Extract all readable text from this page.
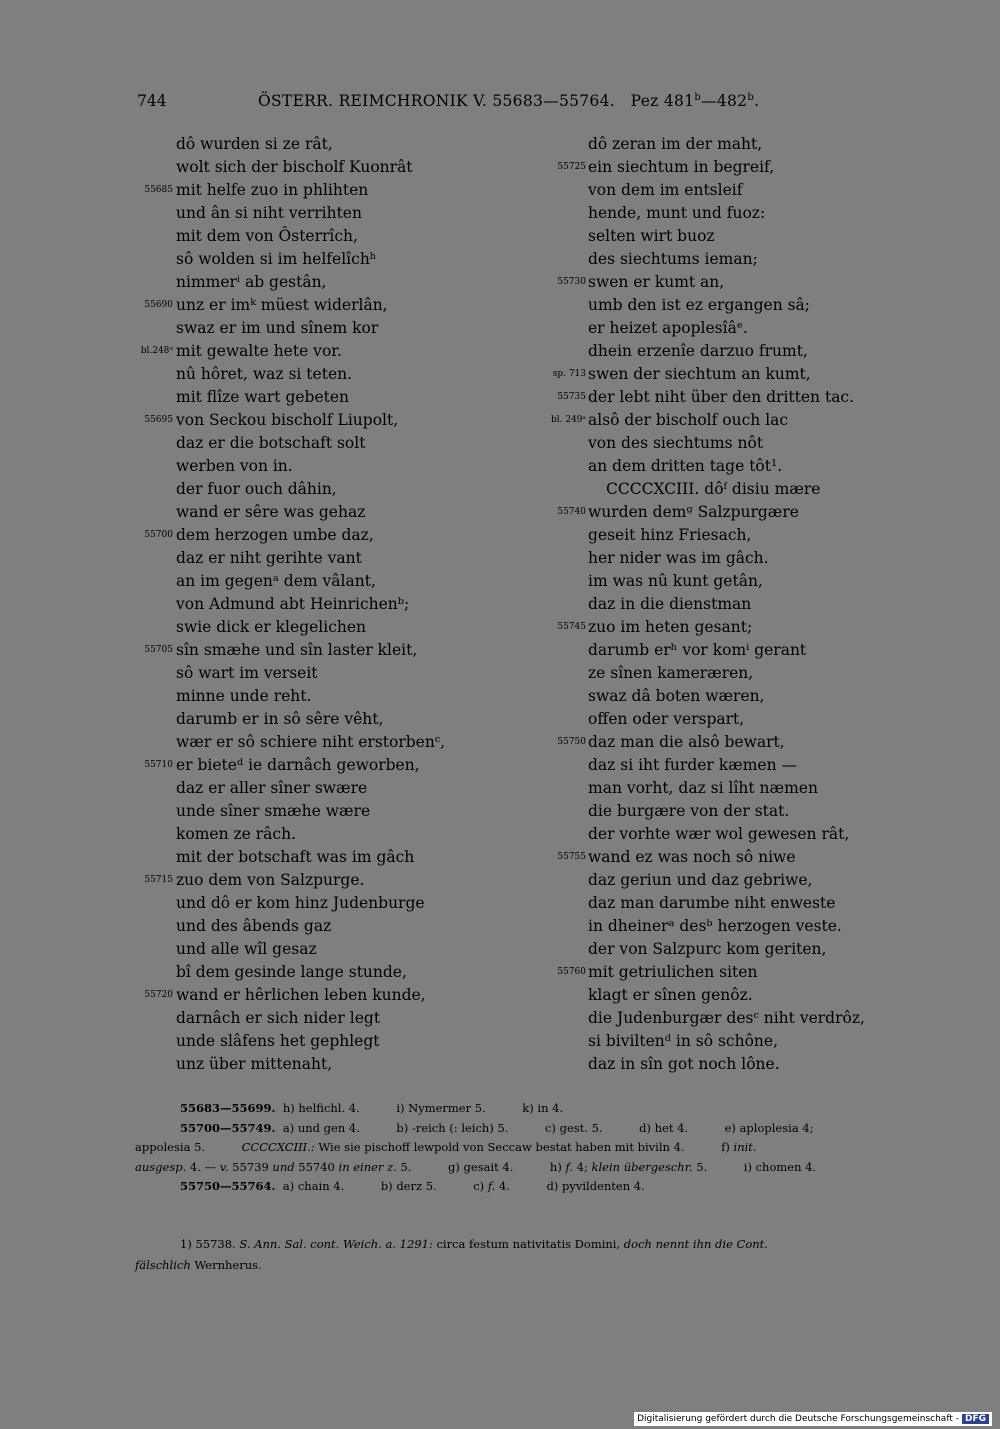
744	ÖSTERR. REIMCHRONIK V. 55683—55764. Pez 481$^b$—482$^b$.
dô wurden si ze rât,
wolt sich der bischolf Kuonrât
55685 mit helfe zuo in phlihten
und ân si niht verrihten
mit dem von Ôsterrîch,
sô wolden si im helfelîchʰ
nimmerⁱ ab gestân,
55690 unz er imᵏ müest widerlân,
swaz er im und sînem kor
bl.248ᵈ mit gewalte hete vor.
nû hôret, waz si teten.
mit flîze wart gebeten
55695 von Seckou bischolf Liupolt,
daz er die botschaft solt
werben von in.
der fuor ouch dâhin,
wand er sêre was gehaz
55700 dem herzogen umbe daz,
daz er niht gerihte vant
an im gegenᵃ dem vâlant,
von Admund abt Heinrichenᵇ;
swie dick er klegelichen
55705 sîn smæhe und sîn laster kleit,
sô wart im verseit
minne unde reht.
darumb er in sô sêre vêht,
wær er sô schiere niht erstorbenᶜ,
55710 er bieteᵈ ie darnâch geworben,
daz er aller sîner swære
unde sîner smæhe wære
komen ze râch.
mit der botschaft was im gâch
55715 zuo dem von Salzpurge.
und dô er kom hinz Judenburge
und des âbends gaz
und alle wîl gesaz
bî dem gesinde lange stunde,
55720 wand er hêrlichen leben kunde,
darnâch er sich nider legt
unde slâfens het gephlegt
unz über mittenaht,
dô zeran im der maht,
55725 ein siechtum in begreif,
von dem im entsleif
hende, munt und fuoz:
selten wirt buoz
des siechtums ieman;
55730 swen er kumt an,
umb den ist ez ergangen sâ;
er heizet apoplesîâᵉ.
dhein erzenîe darzuo frumt,
sp. 713 swen der siechtum an kumt,
55735 der lebt niht über den dritten tac.
bl. 249ᵃ alsô der bischolf ouch lac
von des siechtums nôt
an dem dritten tage tôt¹.
CCCCXCIII. dôᶠ disiu mære
55740 wurden demᵍ Salzpurgære
geseit hinz Friesach,
her nider was im gâch.
im was nû kunt getân,
daz in die dienstman
55745 zuo im heten gesant;
darumb erʰ vor komⁱ gerant
ze sînen kameræren,
swaz dâ boten wæren,
offen oder verspart,
55750 daz man die alsô bewart,
daz si iht furder kæmen —
man vorht, daz si lîht næmen
die burgære von der stat.
der vorhte wær wol gewesen rât,
55755 wand ez was noch sô niwe
daz geriun und daz gebriwe,
daz man darumbe niht enweste
in dheinerᵃ desᵇ herzogen veste.
der von Salzpurc kom geriten,
55760 mit getriulichen siten
klagt er sînen genôz.
die Judenburgær desᶜ niht verdrôz,
si biviltenᵈ in sô schône,
daz in sîn got noch lône.
55683—55699. h) helfichl. 4.          i) Nymermer 5.          k) in 4.
55700—55749. a) und gen 4.          b) -reich (: leich) 5.          c) gest. 5.          d) het 4.          e) aploplesia 4;
appolesia 5.          CCCCXCIII.: Wie sie pischoff lewpold von Seccaw bestat haben mit biviln 4.          f) init.
ausgesp. 4. — v. 55739 und 55740 in einer z. 5.          g) gesait 4.          h) f. 4; klein übergeschr. 5.          i) chomen 4.
55750—55764. a) chain 4.          b) derz 5.          c) f. 4.          d) pyvildenten 4.
1) 55738. S. Ann. Sal. cont. Weich. a. 1291: circa festum nativitatis Domini, doch nennt ihn die Cont.
fälschlich Wernherus.
Digitalisierung gefördert durch die Deutsche Forschungsgemeinschaft - DFG
